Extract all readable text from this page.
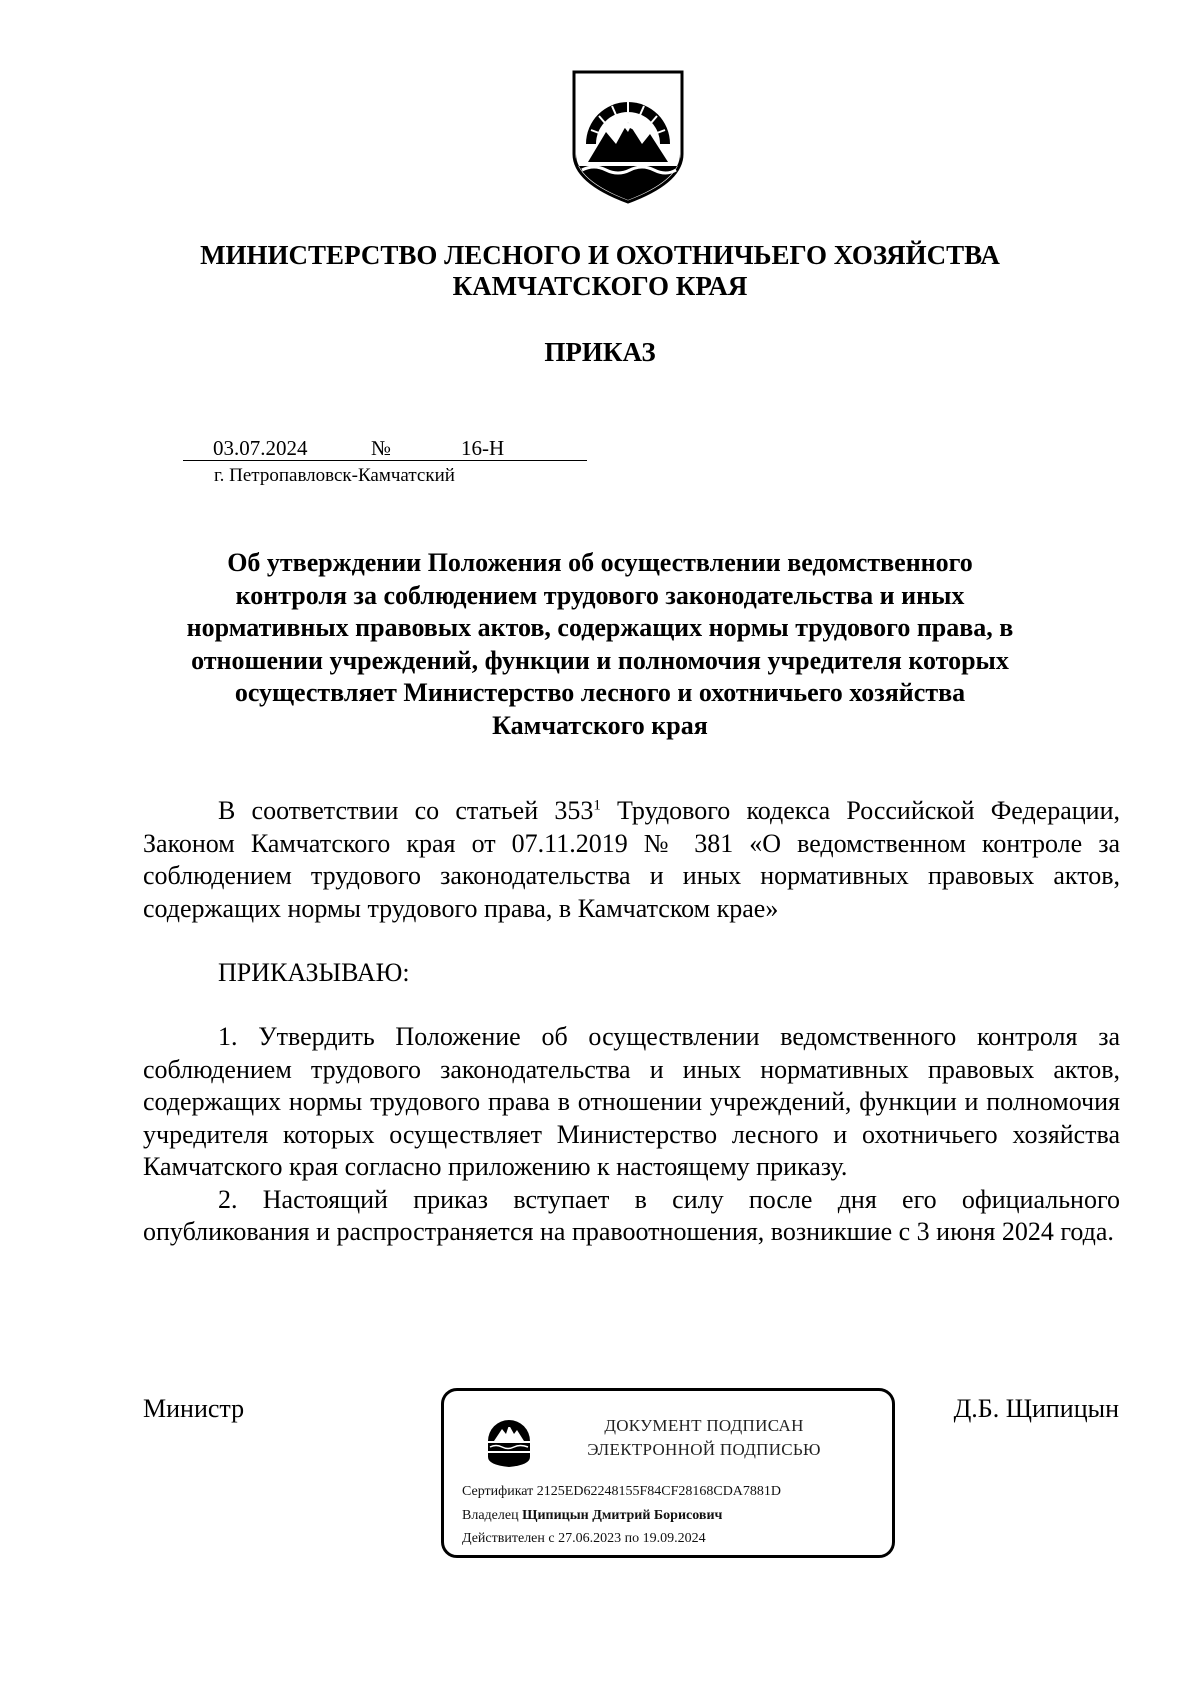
МИНИСТЕРСТВО ЛЕСНОГО И ОХОТНИЧЬЕГО ХОЗЯЙСТВА
КАМЧАТСКОГО КРАЯ
ПРИКАЗ
03.07.2024	№	16-Н
г. Петропавловск-Камчатский
Об утверждении Положения об осуществлении ведомственного
контроля за соблюдением трудового законодательства и иных
нормативных правовых актов, содержащих нормы трудового права, в
отношении учреждений, функции и полномочия учредителя которых
осуществляет Министерство лесного и охотничьего хозяйства
Камчатского края

В соответствии со статьей $353^1$ Трудового кодекса Российской Федерации, Законом Камчатского края от 07.11.2019 № 381 «О ведомственном контроле за соблюдением трудового законодательства и иных нормативных правовых актов, содержащих нормы трудового права, в Камчатском крае»

ПРИКАЗЫВАЮ:

1. Утвердить Положение об осуществлении ведомственного контроля за соблюдением трудового законодательства и иных нормативных правовых актов, содержащих нормы трудового права в отношении учреждений, функции и полномочия учредителя которых осуществляет Министерство лесного и охотничьего хозяйства Камчатского края согласно приложению к настоящему приказу.

2. Настоящий приказ вступает в силу после дня его официального опубликования и распространяется на правоотношения, возникшие с 3 июня 2024 года.

Министр	Д.Б. Щипицын
ДОКУМЕНТ ПОДПИСАН
ЭЛЕКТРОННОЙ ПОДПИСЬЮ
Сертификат 2125ED62248155F84CF28168CDA7881D
Владелец Щипицын Дмитрий Борисович
Действителен с 27.06.2023 по 19.09.2024
